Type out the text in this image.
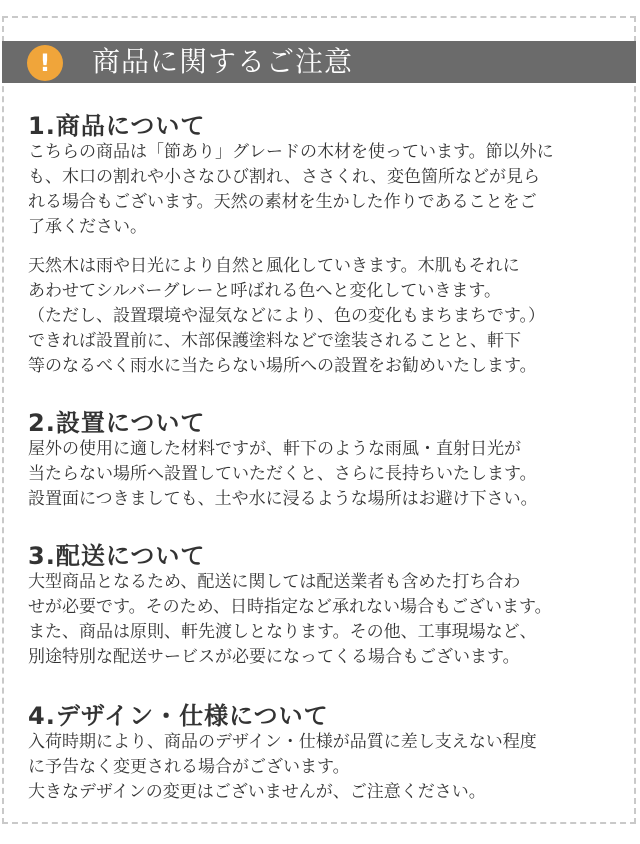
!	商品に関するご注意
1.商品について
こちらの商品は「節あり」グレードの木材を使っています。節以外に
も、木口の割れや小さなひび割れ、ささくれ、変色箇所などが見ら
れる場合もございます。天然の素材を生かした作りであることをご
了承ください。
天然木は雨や日光により自然と風化していきます。木肌もそれに
あわせてシルバーグレーと呼ばれる色へと変化していきます。
（ただし、設置環境や湿気などにより、色の変化もまちまちです。）
できれば設置前に、木部保護塗料などで塗装されることと、軒下
等のなるべく雨水に当たらない場所への設置をお勧めいたします。
2.設置について
屋外の使用に適した材料ですが、軒下のような雨風・直射日光が
当たらない場所へ設置していただくと、さらに長持ちいたします。
設置面につきましても、土や水に浸るような場所はお避け下さい。
3.配送について
大型商品となるため、配送に関しては配送業者も含めた打ち合わ
せが必要です。そのため、日時指定など承れない場合もございます。
また、商品は原則、軒先渡しとなります。その他、工事現場など、
別途特別な配送サービスが必要になってくる場合もございます。
4.デザイン・仕様について
入荷時期により、商品のデザイン・仕様が品質に差し支えない程度
に予告なく変更される場合がございます。
大きなデザインの変更はございませんが、ご注意ください。
